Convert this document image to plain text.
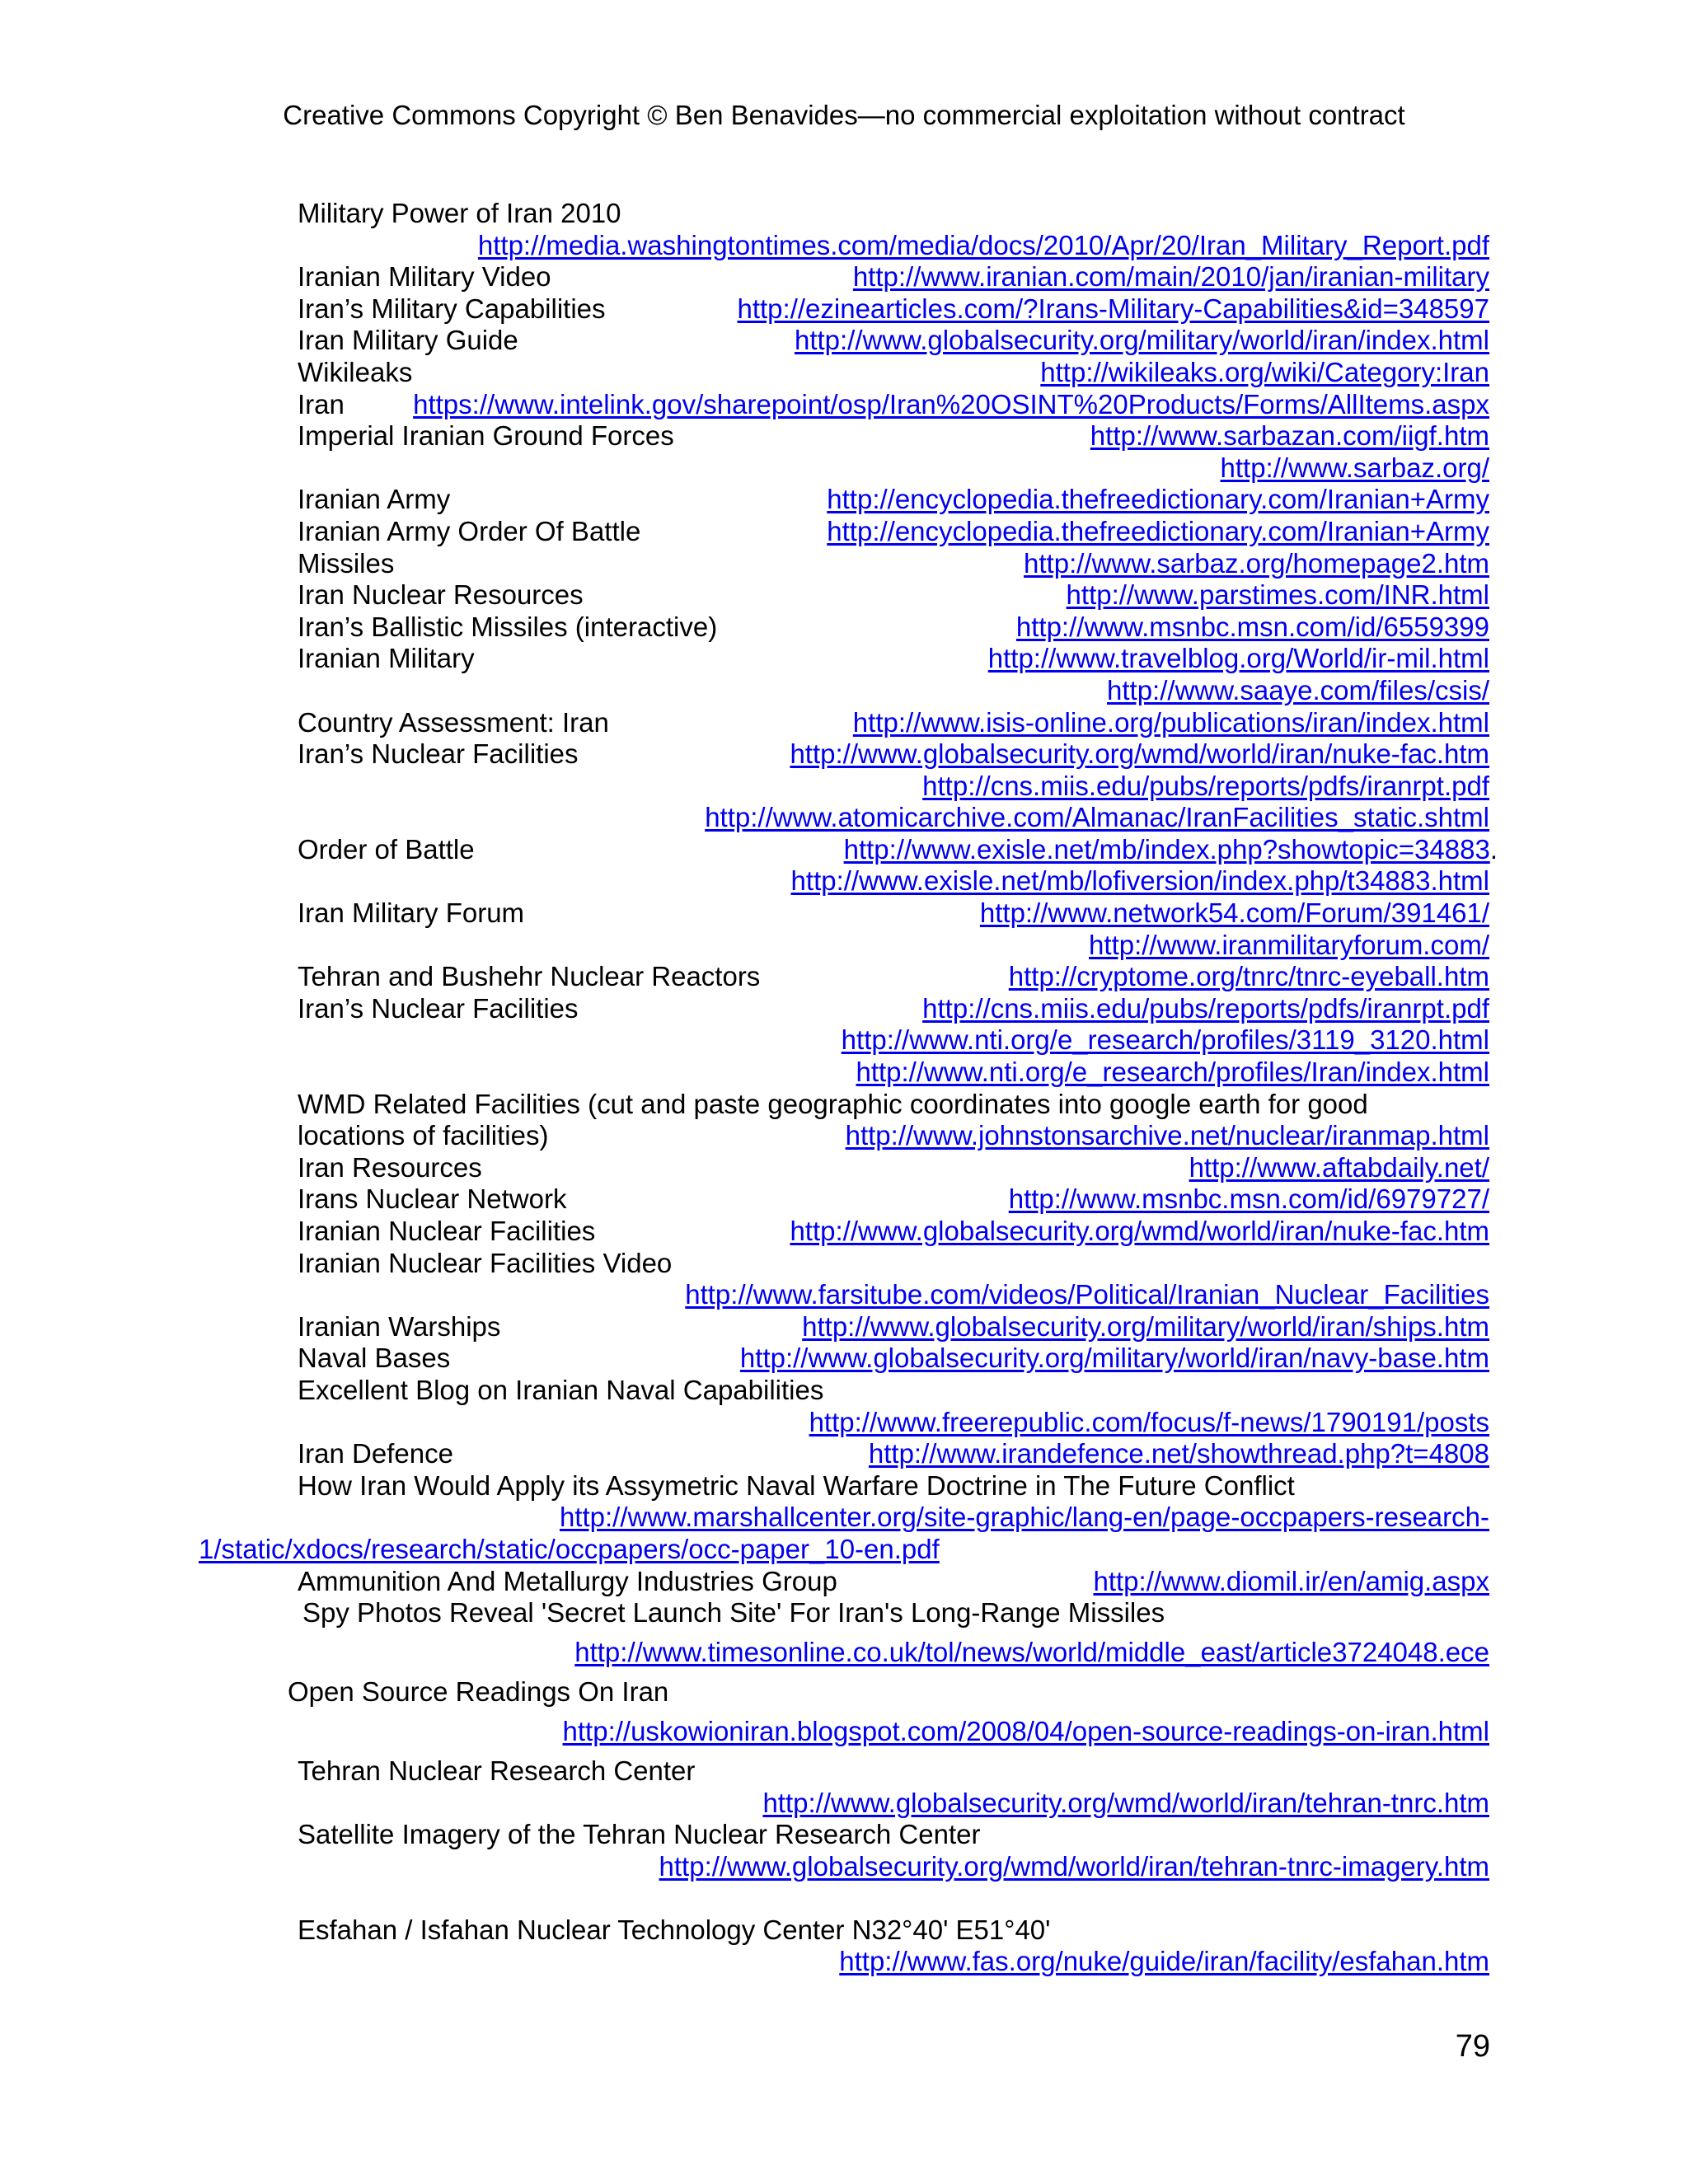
Creative Commons Copyright © Ben Benavides—no commercial exploitation without contract
Military Power of Iran 2010
http://media.washingtontimes.com/media/docs/2010/Apr/20/Iran_Military_Report.pdf
Iranian Military Video	http://www.iranian.com/main/2010/jan/iranian-military
Iran’s Military Capabilities	http://ezinearticles.com/?Irans-Military-Capabilities&id=348597
Iran Military Guide	http://www.globalsecurity.org/military/world/iran/index.html
Wikileaks	http://wikileaks.org/wiki/Category:Iran
Iran	https://www.intelink.gov/sharepoint/osp/Iran%20OSINT%20Products/Forms/AllItems.aspx
Imperial Iranian Ground Forces	http://www.sarbazan.com/iigf.htm
http://www.sarbaz.org/
Iranian Army	http://encyclopedia.thefreedictionary.com/Iranian+Army
Iranian Army Order Of Battle	http://encyclopedia.thefreedictionary.com/Iranian+Army
Missiles	http://www.sarbaz.org/homepage2.htm
Iran Nuclear Resources	http://www.parstimes.com/INR.html
Iran’s Ballistic Missiles (interactive)	http://www.msnbc.msn.com/id/6559399
Iranian Military	http://www.travelblog.org/World/ir-mil.html
http://www.saaye.com/files/csis/
Country Assessment: Iran	http://www.isis-online.org/publications/iran/index.html
Iran’s Nuclear Facilities	http://www.globalsecurity.org/wmd/world/iran/nuke-fac.htm
http://cns.miis.edu/pubs/reports/pdfs/iranrpt.pdf
http://www.atomicarchive.com/Almanac/IranFacilities_static.shtml
Order of Battle	http://www.exisle.net/mb/index.php?showtopic=34883.
http://www.exisle.net/mb/lofiversion/index.php/t34883.html
Iran Military Forum	http://www.network54.com/Forum/391461/
http://www.iranmilitaryforum.com/
Tehran and Bushehr Nuclear Reactors	http://cryptome.org/tnrc/tnrc-eyeball.htm
Iran’s Nuclear Facilities	http://cns.miis.edu/pubs/reports/pdfs/iranrpt.pdf
http://www.nti.org/e_research/profiles/3119_3120.html
http://www.nti.org/e_research/profiles/Iran/index.html
WMD Related Facilities (cut and paste geographic coordinates into google earth for good
locations of facilities)	http://www.johnstonsarchive.net/nuclear/iranmap.html
Iran Resources	http://www.aftabdaily.net/
Irans Nuclear Network	http://www.msnbc.msn.com/id/6979727/
Iranian Nuclear Facilities	http://www.globalsecurity.org/wmd/world/iran/nuke-fac.htm
Iranian Nuclear Facilities Video
http://www.farsitube.com/videos/Political/Iranian_Nuclear_Facilities
Iranian Warships	http://www.globalsecurity.org/military/world/iran/ships.htm
Naval Bases	http://www.globalsecurity.org/military/world/iran/navy-base.htm
Excellent Blog on Iranian Naval Capabilities
http://www.freerepublic.com/focus/f-news/1790191/posts
Iran Defence	http://www.irandefence.net/showthread.php?t=4808
How Iran Would Apply its Assymetric Naval Warfare Doctrine in The Future Conflict
http://www.marshallcenter.org/site-graphic/lang-en/page-occpapers-research-
1/static/xdocs/research/static/occpapers/occ-paper_10-en.pdf
Ammunition And Metallurgy Industries Group	http://www.diomil.ir/en/amig.aspx
Spy Photos Reveal 'Secret Launch Site' For Iran's Long-Range Missiles
http://www.timesonline.co.uk/tol/news/world/middle_east/article3724048.ece
Open Source Readings On Iran
http://uskowioniran.blogspot.com/2008/04/open-source-readings-on-iran.html
Tehran Nuclear Research Center
http://www.globalsecurity.org/wmd/world/iran/tehran-tnrc.htm
Satellite Imagery of the Tehran Nuclear Research Center
http://www.globalsecurity.org/wmd/world/iran/tehran-tnrc-imagery.htm
Esfahan / Isfahan Nuclear Technology Center N32°40' E51°40'
http://www.fas.org/nuke/guide/iran/facility/esfahan.htm
79
